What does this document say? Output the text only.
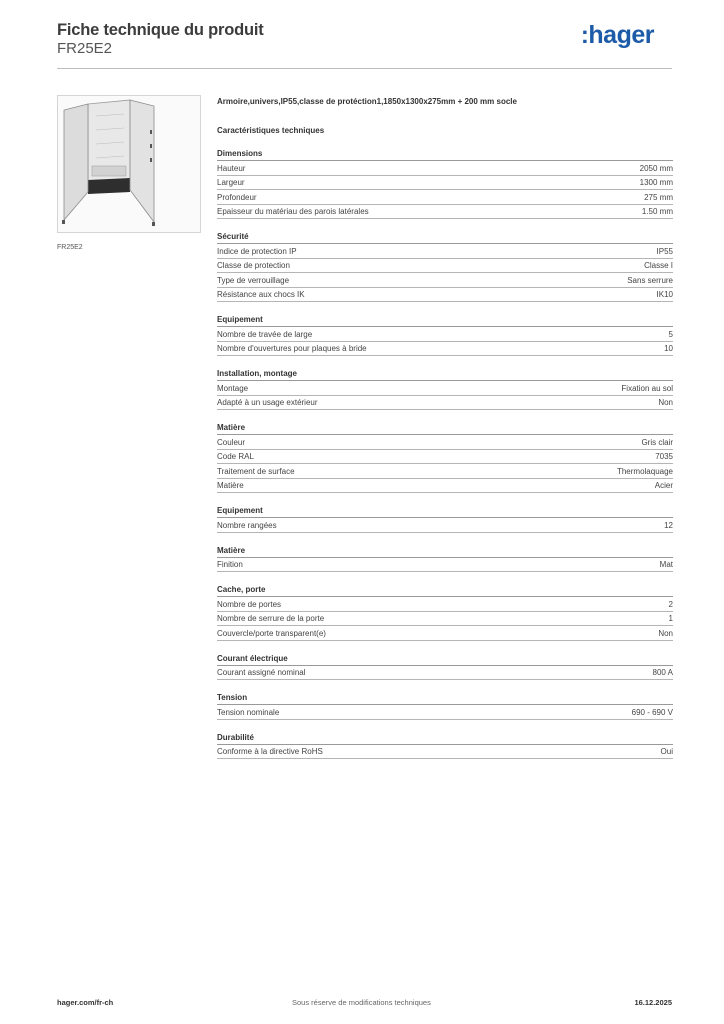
Fiche technique du produit
FR25E2	:hager
FR25E2
Armoire,univers,IP55,classe de protéction1,1850x1300x275mm + 200 mm socle
Caractéristiques techniques
Dimensions
Hauteur	2050 mm
Largeur	1300 mm
Profondeur	275 mm
Epaisseur du matériau des parois latérales	1.50 mm
Sécurité
Indice de protection IP	IP55
Classe de protection	Classe I
Type de verrouillage	Sans serrure
Résistance aux chocs IK	IK10
Equipement
Nombre de travée de large	5
Nombre d'ouvertures pour plaques à bride	10
Installation, montage
Montage	Fixation au sol
Adapté à un usage extérieur	Non
Matière
Couleur	Gris clair
Code RAL	7035
Traitement de surface	Thermolaquage
Matière	Acier
Equipement
Nombre rangées	12
Matière
Finition	Mat
Cache, porte
Nombre de portes	2
Nombre de serrure de la porte	1
Couvercle/porte transparent(e)	Non
Courant électrique
Courant assigné nominal	800 A
Tension
Tension nominale	690 - 690 V
Durabilité
Conforme à la directive RoHS	Oui
hager.com/fr-ch	Sous réserve de modifications techniques	16.12.2025
